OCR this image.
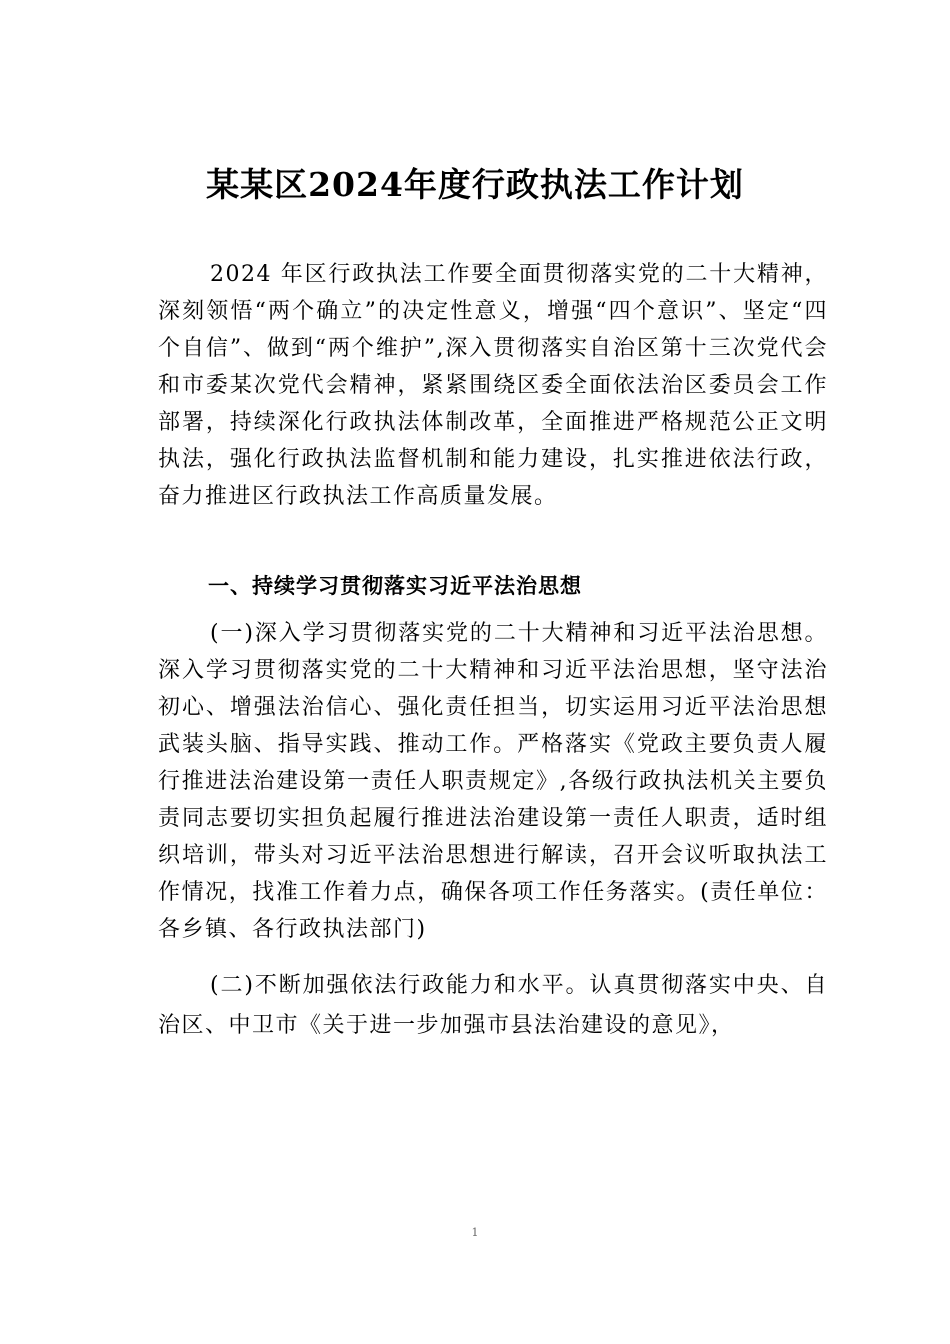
某某区2024年度行政执法工作计划

2024 年区行政执法工作要全面贯彻落实党的二十大精神，深刻领悟“两个确立”的决定性意义，增强“四个意识”、坚定“四个自信”、做到“两个维护”,深入贯彻落实自治区第十三次党代会和市委某次党代会精神，紧紧围绕区委全面依法治区委员会工作部署，持续深化行政执法体制改革，全面推进严格规范公正文明执法，强化行政执法监督机制和能力建设，扎实推进依法行政，奋力推进区行政执法工作高质量发展。

一、持续学习贯彻落实习近平法治思想

(一)深入学习贯彻落实党的二十大精神和习近平法治思想。深入学习贯彻落实党的二十大精神和习近平法治思想，坚守法治初心、增强法治信心、强化责任担当，切实运用习近平法治思想武装头脑、指导实践、推动工作。严格落实《党政主要负责人履行推进法治建设第一责任人职责规定》,各级行政执法机关主要负责同志要切实担负起履行推进法治建设第一责任人职责，适时组织培训，带头对习近平法治思想进行解读，召开会议听取执法工作情况，找准工作着力点，确保各项工作任务落实。(责任单位：各乡镇、各行政执法部门)

(二)不断加强依法行政能力和水平。认真贯彻落实中央、自治区、中卫市《关于进一步加强市县法治建设的意见》，

1
